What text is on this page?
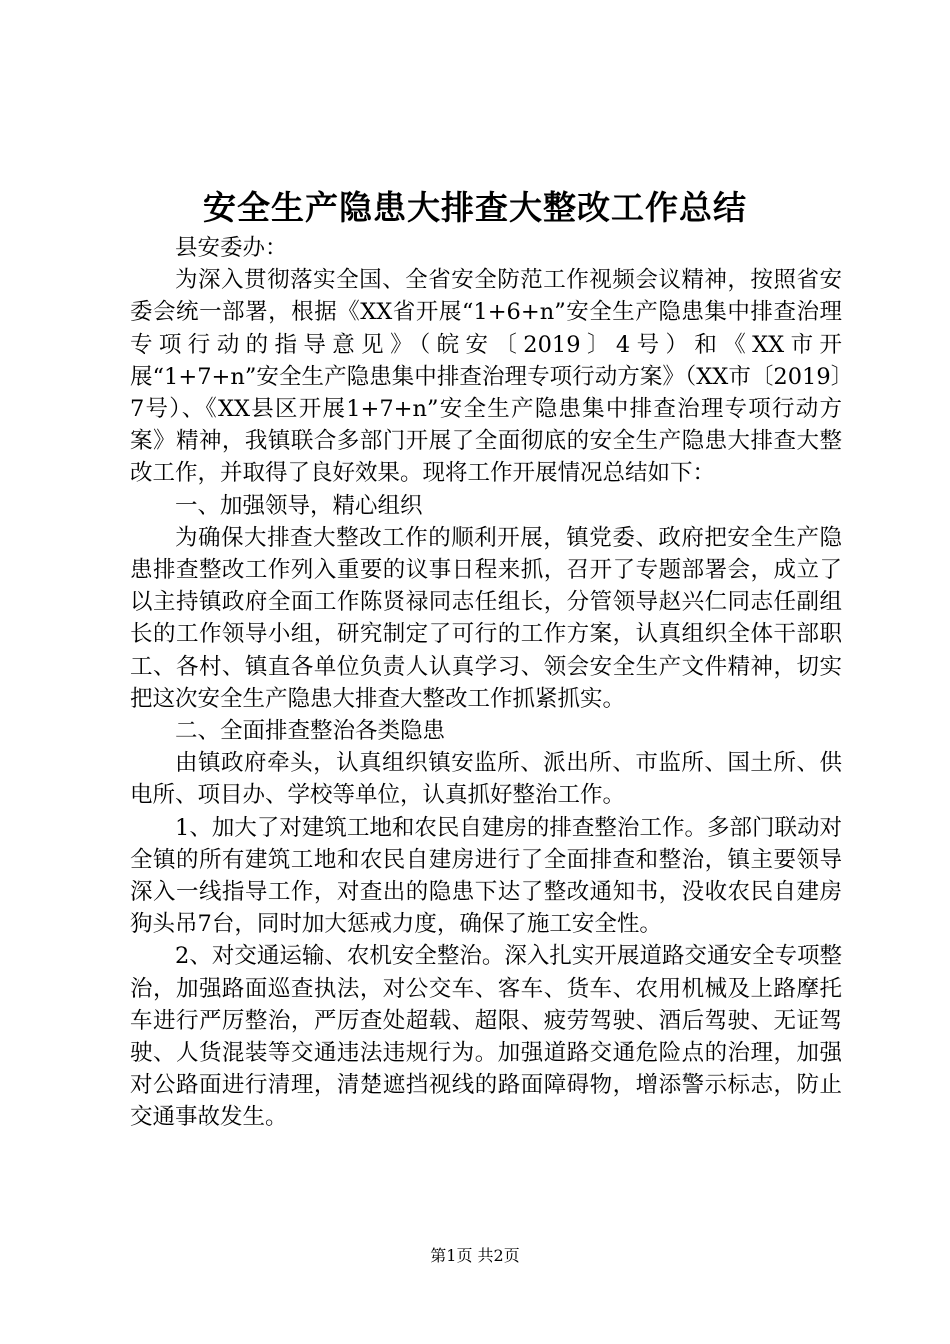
安全生产隐患大排查大整改工作总结

县安委办：

为深入贯彻落实全国、全省安全防范工作视频会议精神，按照省安委会统一部署，根据《XX省开展“1+6+n”安全生产隐患集中排查治理专项行动的指导意见》（皖安〔2019〕4号）和《XX市开展“1+7+n”安全生产隐患集中排查治理专项行动方案》（XX市〔2019〕7号）、《XX县区开展1+7+n”安全生产隐患集中排查治理专项行动方案》精神，我镇联合多部门开展了全面彻底的安全生产隐患大排查大整改工作，并取得了良好效果。现将工作开展情况总结如下：

一、加强领导，精心组织

为确保大排查大整改工作的顺利开展，镇党委、政府把安全生产隐患排查整改工作列入重要的议事日程来抓，召开了专题部署会，成立了以主持镇政府全面工作陈贤禄同志任组长，分管领导赵兴仁同志任副组长的工作领导小组，研究制定了可行的工作方案，认真组织全体干部职工、各村、镇直各单位负责人认真学习、领会安全生产文件精神，切实把这次安全生产隐患大排查大整改工作抓紧抓实。

二、全面排查整治各类隐患

由镇政府牵头，认真组织镇安监所、派出所、市监所、国土所、供电所、项目办、学校等单位，认真抓好整治工作。

1、加大了对建筑工地和农民自建房的排查整治工作。多部门联动对全镇的所有建筑工地和农民自建房进行了全面排查和整治，镇主要领导深入一线指导工作，对查出的隐患下达了整改通知书，没收农民自建房狗头吊7台，同时加大惩戒力度，确保了施工安全性。

2、对交通运输、农机安全整治。深入扎实开展道路交通安全专项整治，加强路面巡查执法，对公交车、客车、货车、农用机械及上路摩托车进行严厉整治，严厉查处超载、超限、疲劳驾驶、酒后驾驶、无证驾驶、人货混装等交通违法违规行为。加强道路交通危险点的治理，加强对公路面进行清理，清楚遮挡视线的路面障碍物，增添警示标志，防止交通事故发生。

第1页 共2页
